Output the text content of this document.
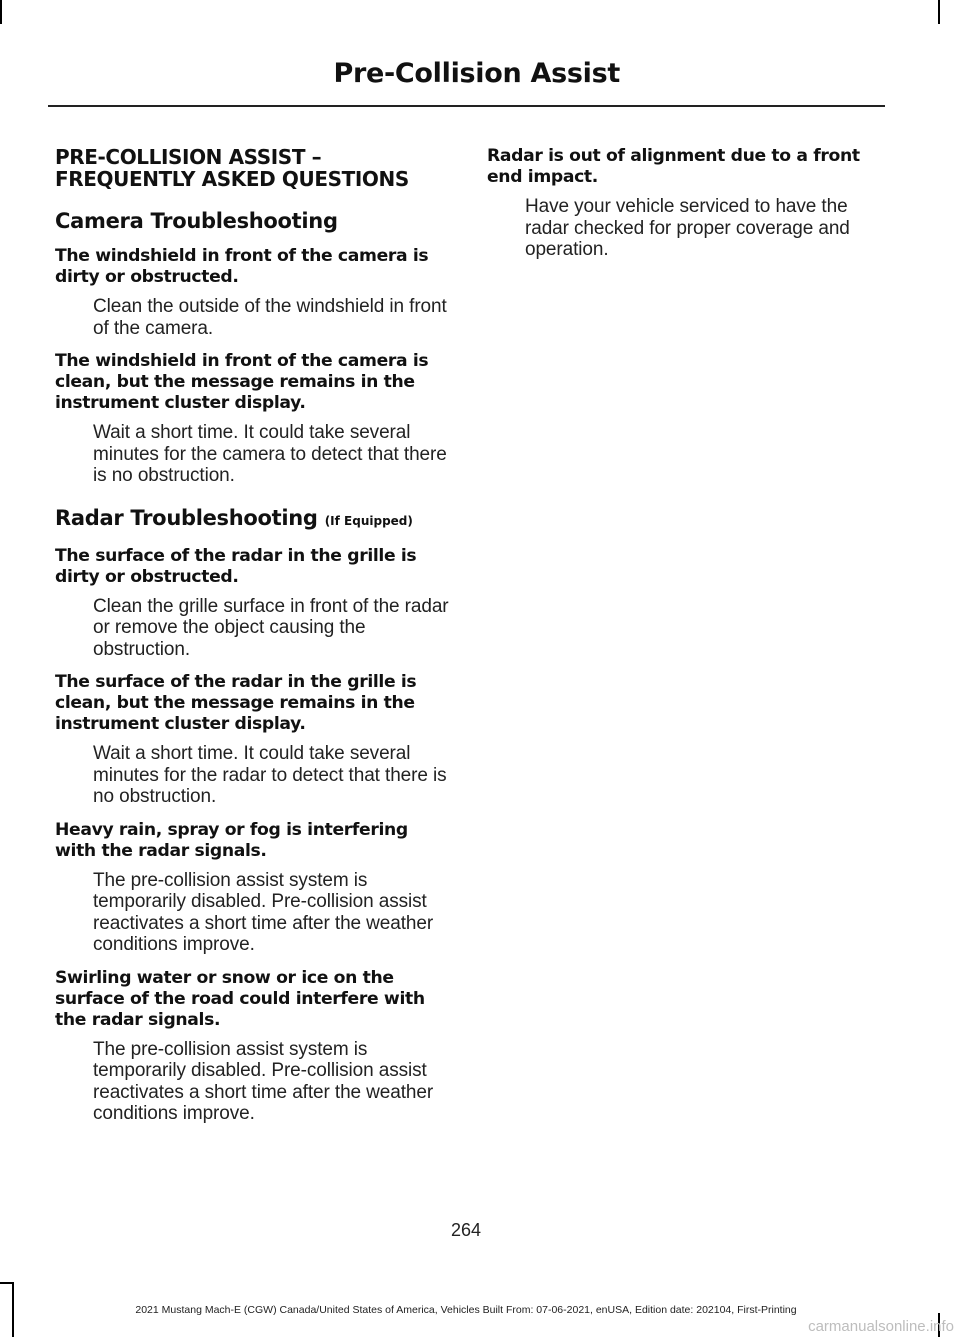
Pre-Collision Assist
PRE-COLLISION ASSIST – FREQUENTLY ASKED QUESTIONS
Camera Troubleshooting
The windshield in front of the camera is dirty or obstructed.
Clean the outside of the windshield in front of the camera.
The windshield in front of the camera is clean, but the message remains in the instrument cluster display.
Wait a short time. It could take several minutes for the camera to detect that there is no obstruction.
Radar Troubleshooting (If Equipped)
The surface of the radar in the grille is dirty or obstructed.
Clean the grille surface in front of the radar or remove the object causing the obstruction.
The surface of the radar in the grille is clean, but the message remains in the instrument cluster display.
Wait a short time. It could take several minutes for the radar to detect that there is no obstruction.
Heavy rain, spray or fog is interfering with the radar signals.
The pre-collision assist system is temporarily disabled. Pre-collision assist reactivates a short time after the weather conditions improve.
Swirling water or snow or ice on the surface of the road could interfere with the radar signals.
The pre-collision assist system is temporarily disabled. Pre-collision assist reactivates a short time after the weather conditions improve.
Radar is out of alignment due to a front end impact.
Have your vehicle serviced to have the radar checked for proper coverage and operation.
264
2021 Mustang Mach-E (CGW) Canada/United States of America, Vehicles Built From: 07-06-2021, enUSA, Edition date: 202104, First-Printing
carmanualsonline.info
